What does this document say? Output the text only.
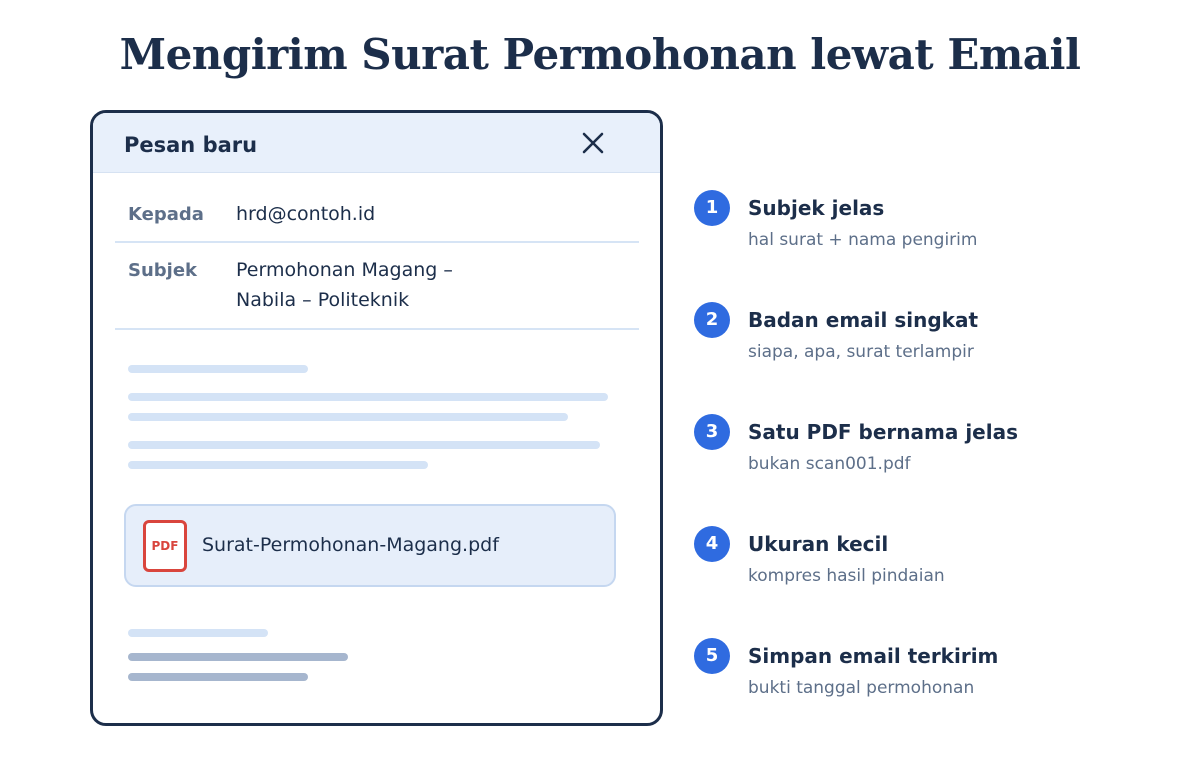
Mengirim Surat Permohonan lewat Email
Pesan baru
Kepada hrd@contoh.id
Subjek Permohonan Magang –
Nabila – Politeknik
PDF	Surat-Permohonan-Magang.pdf
1	Subjek jelas
hal surat + nama pengirim
2	Badan email singkat
siapa, apa, surat terlampir
3	Satu PDF bernama jelas
bukan scan001.pdf
4	Ukuran kecil
kompres hasil pindaian
5	Simpan email terkirim
bukti tanggal permohonan
